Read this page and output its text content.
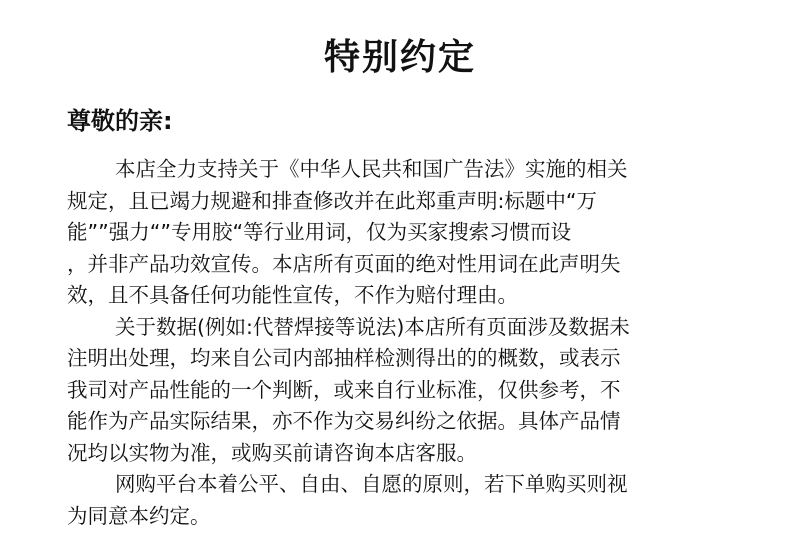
特别约定
尊敬的亲:
本店全力支持关于《中华人民共和国广告法》实施的相关
规定，且已竭力规避和排查修改并在此郑重声明:标题中“万
能””强力“”专用胶“等行业用词，仅为买家搜索习惯而设
，并非产品功效宣传。本店所有页面的绝对性用词在此声明失
效，且不具备任何功能性宣传，不作为赔付理由。
关于数据(例如:代替焊接等说法)本店所有页面涉及数据未
注明出处理，均来自公司内部抽样检测得出的的概数，或表示
我司对产品性能的一个判断，或来自行业标准，仅供参考，不
能作为产品实际结果，亦不作为交易纠纷之依据。具体产品情
况均以实物为准，或购买前请咨询本店客服。
网购平台本着公平、自由、自愿的原则，若下单购买则视
为同意本约定。
